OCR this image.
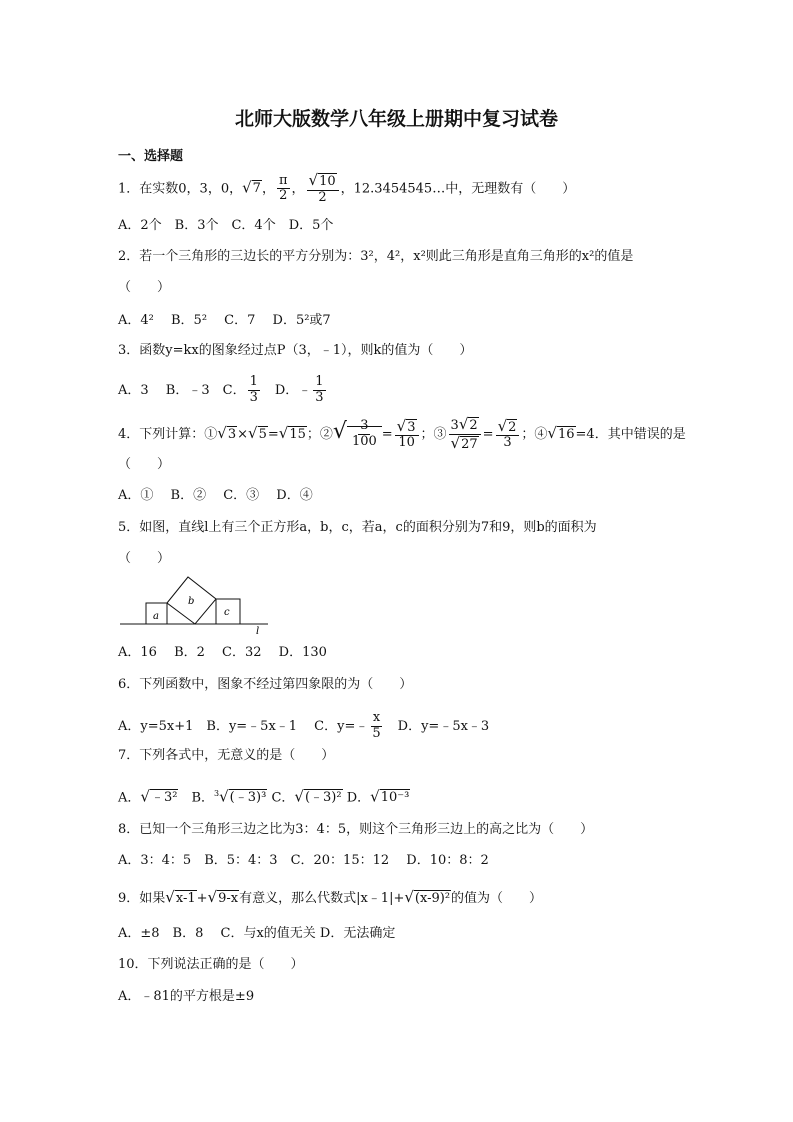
北师大版数学八年级上册期中复习试卷
一、选择题
1．在实数0，3，0，√7， $\frac{\pi}{2}$ ， $\frac{√10}{2}$ ，12.3454545…中，无理数有（　　）
A．2个　B．3个　C．4个　D．5个
2．若一个三角形的三边长的平方分别为：3²，4²，x²则此三角形是直角三角形的x²的值是
（　　）
A．4²　 B．5²　 C．7　 D．5²或7
3．函数y=kx的图象经过点P（3，﹣1），则k的值为（　　）
A．3　 B．﹣3　C． $\frac{1}{3}$ 　D．﹣ $\frac{1}{3}$
4．下列计算：①√3×√5=√15；②√ $\frac{3}{100} = \frac{√3}{10}$ ；③ $\frac{3√2}{√27} = \frac{√2}{3}$ ；④√16=4．其中错误的是
（　　）
A．①　 B．②　 C．③　 D．④
5．如图，直线l上有三个正方形a，b，c，若a，c的面积分别为7和9，则b的面积为
（　　）
a
b
c
l
A．16　 B．2　 C．32　 D．130
6．下列函数中，图象不经过第四象限的为（　　）
A．y=5x+1　B．y=﹣5x﹣1　 C．y=﹣ $\frac{x}{5}$ 　D．y=﹣5x﹣3
7．下列各式中，无意义的是（　　）
A．√﹣3²　B．$^3$√(﹣3)³ C．√(﹣3)² D．√10⁻³
8．已知一个三角形三边之比为3：4：5，则这个三角形三边上的高之比为（　　）
A．3：4：5　B．5：4：3　C．20：15：12　 D．10：8：2
9．如果√x-1+√9-x有意义，那么代数式|x﹣1|+√(x-9)²的值为（　　）
A．±8　B．8　 C．与x的值无关 D．无法确定
10．下列说法正确的是（　　）
A．﹣81的平方根是±9
